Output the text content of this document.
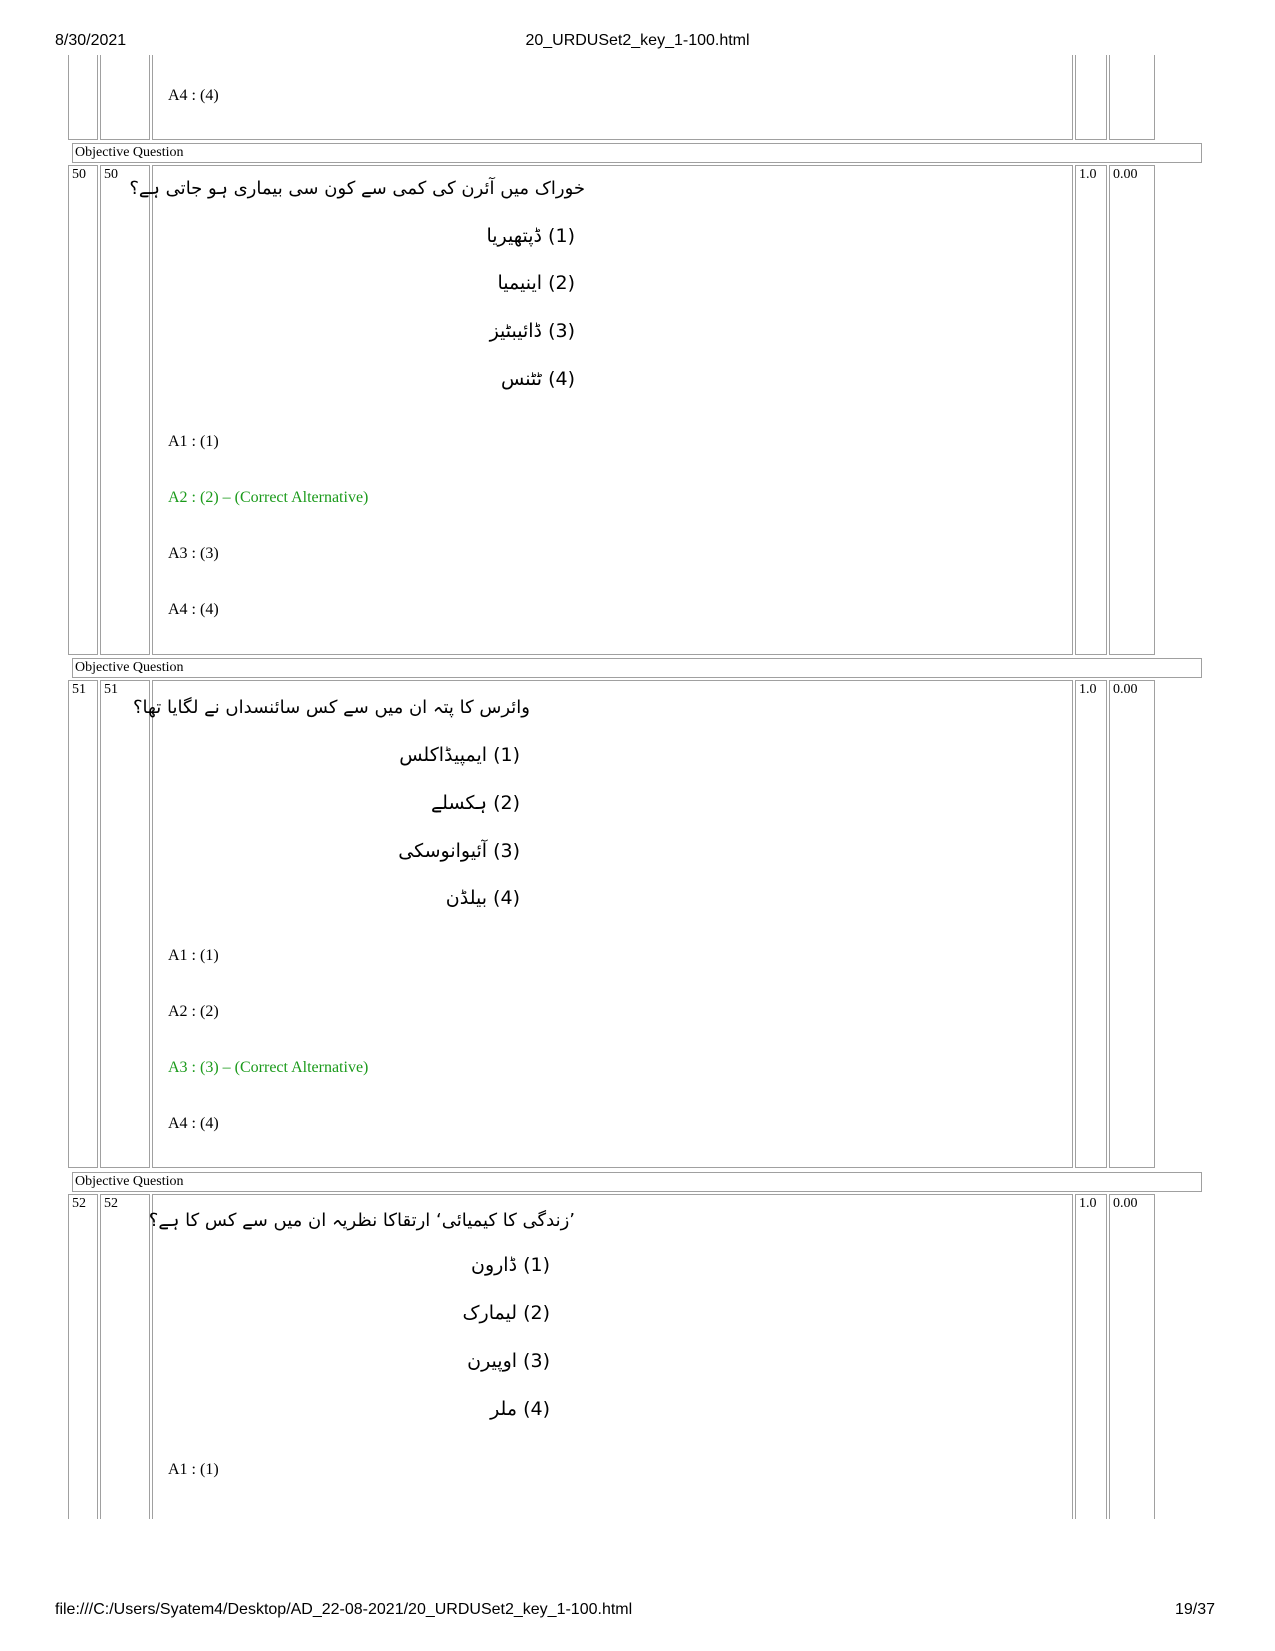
8/30/2021	20_URDUSet2_key_1-100.html
A4 : (4)
Objective Question
50 50	1.0 0.00
خوراک میں آئرن کی کمی سے کون سی بیماری ہو جاتی ہے؟
(1) ڈپتھیریا
(2) اینیمیا
(3) ڈائیبٹیز
(4) ٹٹنس
A1 : (1)
A2 : (2) – (Correct Alternative)
A3 : (3)
A4 : (4)
Objective Question
51 51	1.0 0.00
وائرس کا پتہ ان میں سے کس سائنسداں نے لگایا تھا؟
(1) ایمپیڈاکلس
(2) ہکسلے
(3) آئیوانوسکی
(4) بیلڈن
A1 : (1)
A2 : (2)
A3 : (3) – (Correct Alternative)
A4 : (4)
Objective Question
52 52	1.0 0.00
’زندگی کا کیمیائی‘ ارتقاکا نظریہ ان میں سے کس کا ہے؟
(1) ڈارون
(2) لیمارک
(3) اوپیرن
(4) ملر
A1 : (1)
file:///C:/Users/Syatem4/Desktop/AD_22-08-2021/20_URDUSet2_key_1-100.html	19/37
